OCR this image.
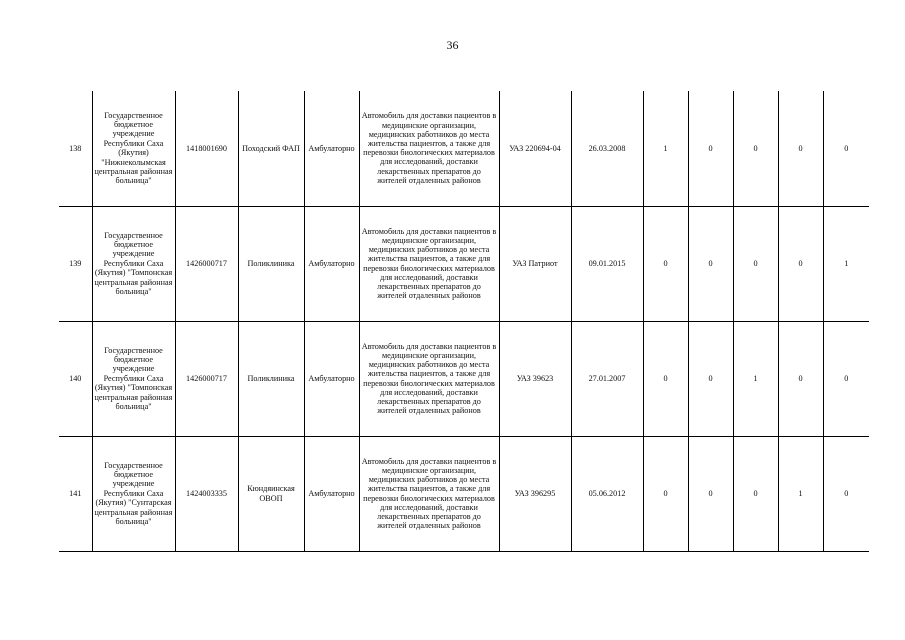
36
138	Государственное бюджетное учреждение Республики Саха (Якутия) "Нижнеколымская центральная районная больница"	1418001690	Походский ФАП	Амбулаторно	Автомобиль для доставки пациентов в медицинские организации, медицинских работников до места жительства пациентов, а также для перевозки биологических материалов для исследований, доставки лекарственных препаратов до жителей отдаленных районов	УАЗ 220694-04	26.03.2008	1	0	0	0	0
139	Государственное бюджетное учреждение Республики Саха (Якутия) "Томпонская центральная районная больница"	1426000717	Поликлиника	Амбулаторно	Автомобиль для доставки пациентов в медицинские организации, медицинских работников до места жительства пациентов, а также для перевозки биологических материалов для исследований, доставки лекарственных препаратов до жителей отдаленных районов	УАЗ Патриот	09.01.2015	0	0	0	0	1
140	Государственное бюджетное учреждение Республики Саха (Якутия) "Томпонская центральная районная больница"	1426000717	Поликлиника	Амбулаторно	Автомобиль для доставки пациентов в медицинские организации, медицинских работников до места жительства пациентов, а также для перевозки биологических материалов для исследований, доставки лекарственных препаратов до жителей отдаленных районов	УАЗ 39623	27.01.2007	0	0	1	0	0
141	Государственное бюджетное учреждение Республики Саха (Якутия) "Сунтарская центральная районная больница"	1424003335	Кюндяинская ОВОП	Амбулаторно	Автомобиль для доставки пациентов в медицинские организации, медицинских работников до места жительства пациентов, а также для перевозки биологических материалов для исследований, доставки лекарственных препаратов до жителей отдаленных районов	УАЗ 396295	05.06.2012	0	0	0	1	0
